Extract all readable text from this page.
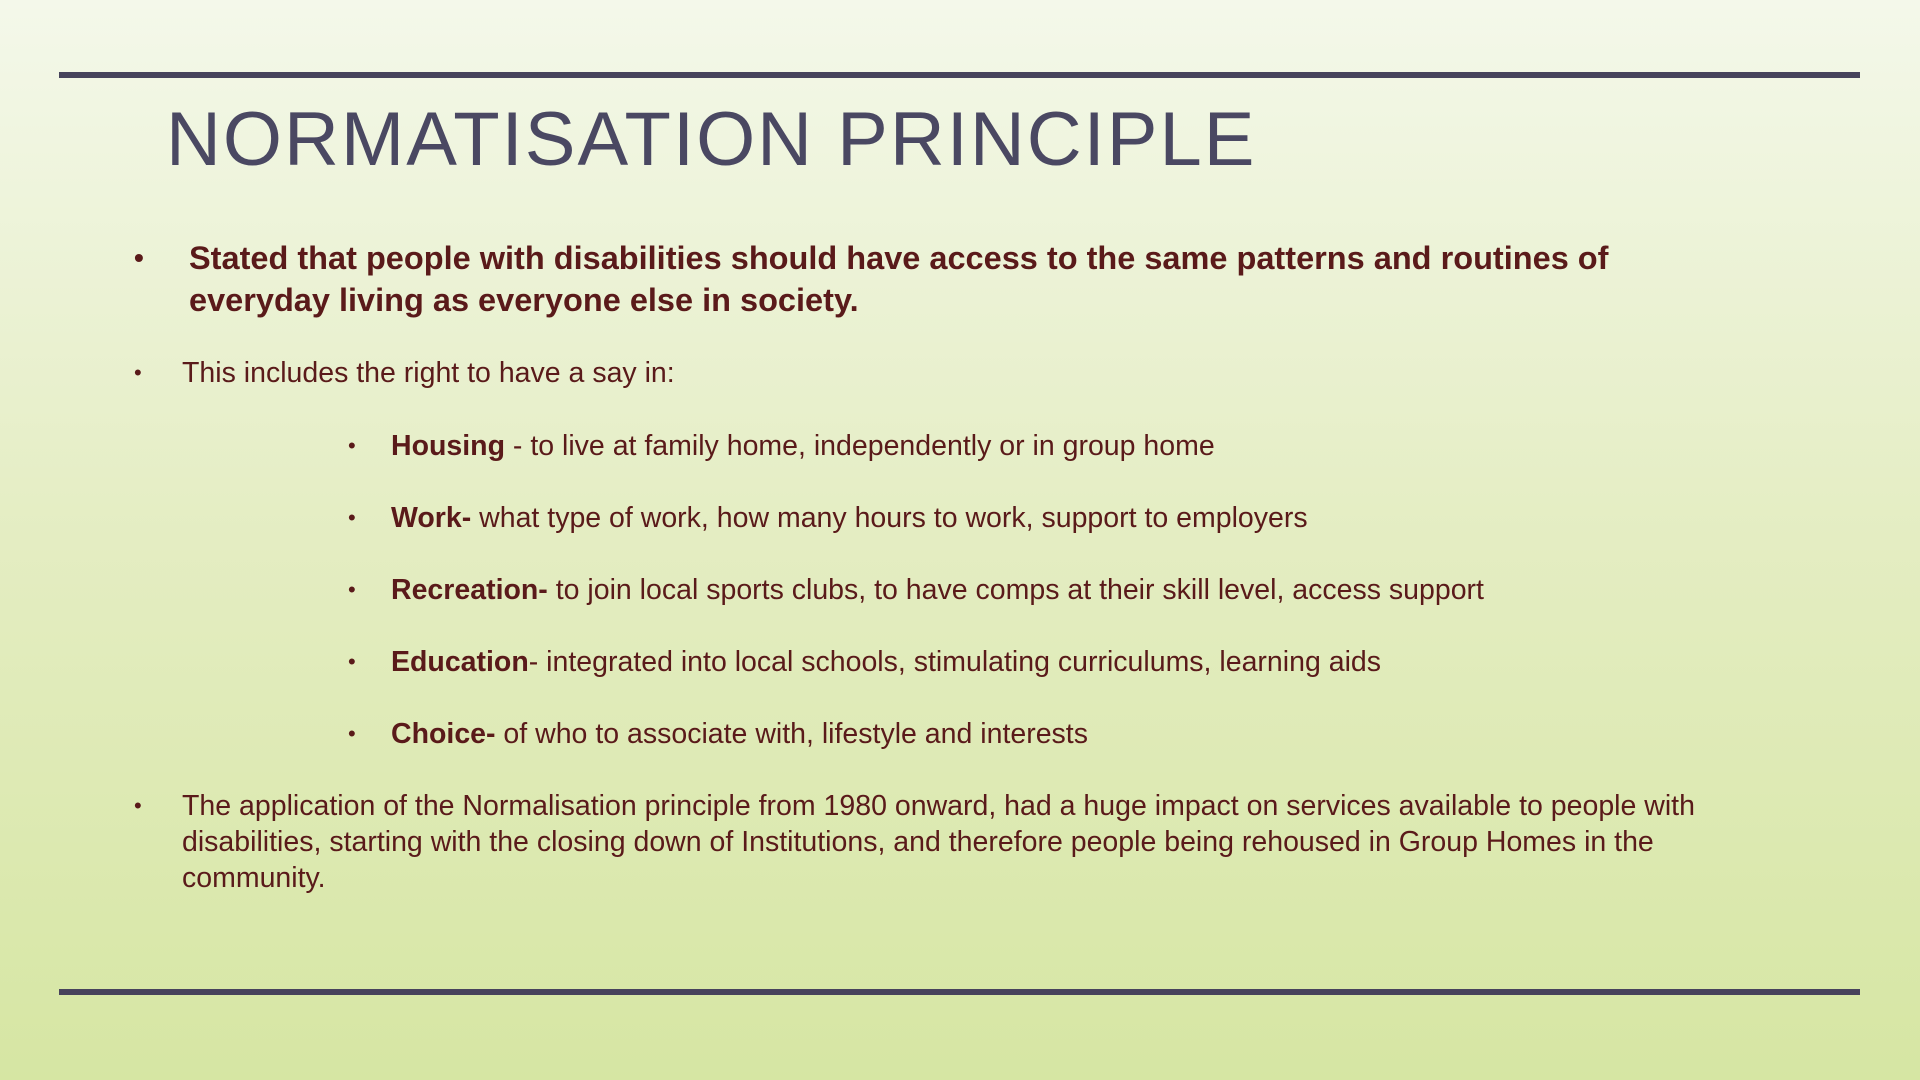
NORMATISATION PRINCIPLE
• Stated that people with disabilities should have access to the same patterns and routines of everyday living as everyone else in society.
• This includes the right to have a say in:
• Housing - to live at family home, independently or in group home
• Work- what type of work, how many hours to work, support to employers
• Recreation- to join local sports clubs, to have comps at their skill level, access support
• Education- integrated into local schools, stimulating curriculums, learning aids
• Choice- of who to associate with, lifestyle and interests
• The application of the Normalisation principle from 1980 onward, had a huge impact on services available to people with disabilities, starting with the closing down of Institutions, and therefore people being rehoused in Group Homes in the community.
